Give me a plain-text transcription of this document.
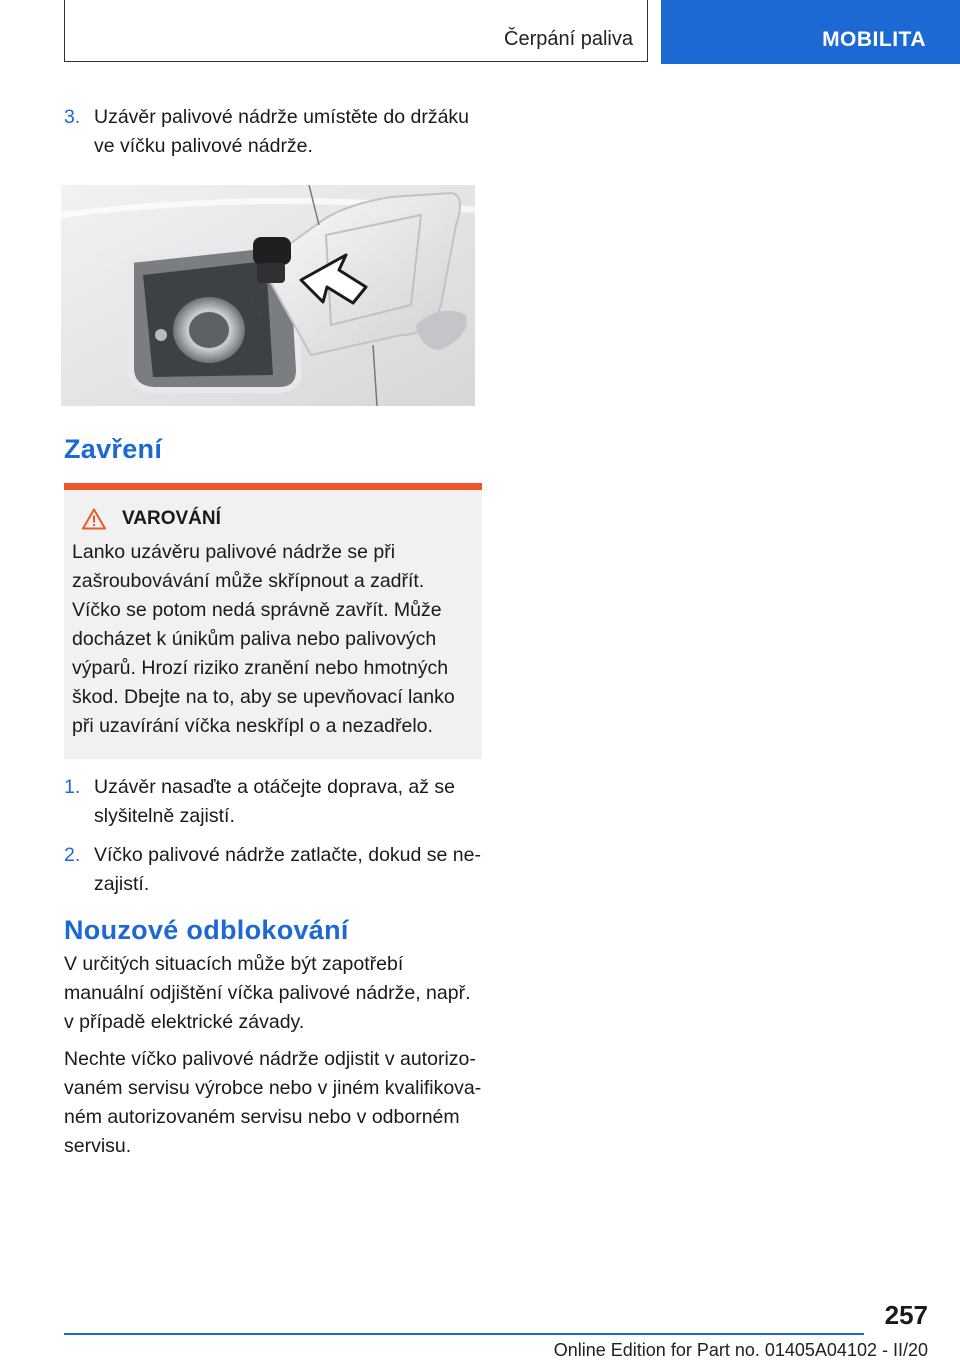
Čerpání paliva	MOBILITA
3. Uzávěr palivové nádrže umístěte do držáku ve víčku palivové nádrže.
Zavření
VAROVÁNÍ
Lanko uzávěru palivové nádrže se při zašroubovávání může skřípnout a zadřít. Víčko se potom nedá správně zavřít. Může docházet k únikům paliva nebo palivových výparů. Hrozí riziko zranění nebo hmotných škod. Dbejte na to, aby se upevňovací lanko při uzavírání víčka neskřípl o a nezadřelo.
1. Uzávěr nasaďte a otáčejte doprava, až se slyšitelně zajistí.
2. Víčko palivové nádrže zatlačte, dokud se nezajistí.
Nouzové odblokování

V určitých situacích může být zapotřebí manuální odjištění víčka palivové nádrže, např. v případě elektrické závady.

Nechte víčko palivové nádrže odjistit v autorizovaném servisu výrobce nebo v jiném kvalifikovaném autorizovaném servisu nebo v odborném servisu.

257
Online Edition for Part no. 01405A04102 - II/20
